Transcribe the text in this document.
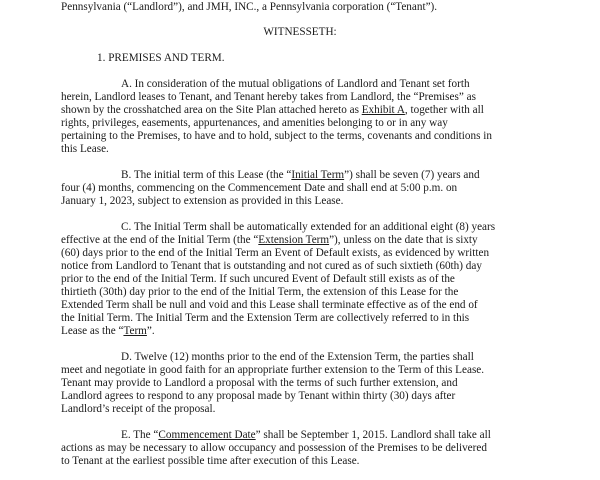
Pennsylvania (“Landlord”), and JMH, INC., a Pennsylvania corporation (“Tenant”).
WITNESSETH:
1. PREMISES AND TERM.
A. In consideration of the mutual obligations of Landlord and Tenant set forth
herein, Landlord leases to Tenant, and Tenant hereby takes from Landlord, the “Premises” as
shown by the crosshatched area on the Site Plan attached hereto as Exhibit A, together with all
rights, privileges, easements, appurtenances, and amenities belonging to or in any way
pertaining to the Premises, to have and to hold, subject to the terms, covenants and conditions in
this Lease.
B. The initial term of this Lease (the “Initial Term”) shall be seven (7) years and
four (4) months, commencing on the Commencement Date and shall end at 5:00 p.m. on
January 1, 2023, subject to extension as provided in this Lease.
C. The Initial Term shall be automatically extended for an additional eight (8) years
effective at the end of the Initial Term (the “Extension Term”), unless on the date that is sixty
(60) days prior to the end of the Initial Term an Event of Default exists, as evidenced by written
notice from Landlord to Tenant that is outstanding and not cured as of such sixtieth (60th) day
prior to the end of the Initial Term. If such uncured Event of Default still exists as of the
thirtieth (30th) day prior to the end of the Initial Term, the extension of this Lease for the
Extended Term shall be null and void and this Lease shall terminate effective as of the end of
the Initial Term. The Initial Term and the Extension Term are collectively referred to in this
Lease as the “Term”.
D. Twelve (12) months prior to the end of the Extension Term, the parties shall
meet and negotiate in good faith for an appropriate further extension to the Term of this Lease.
Tenant may provide to Landlord a proposal with the terms of such further extension, and
Landlord agrees to respond to any proposal made by Tenant within thirty (30) days after
Landlord’s receipt of the proposal.
E. The “Commencement Date” shall be September 1, 2015. Landlord shall take all
actions as may be necessary to allow occupancy and possession of the Premises to be delivered
to Tenant at the earliest possible time after execution of this Lease.
